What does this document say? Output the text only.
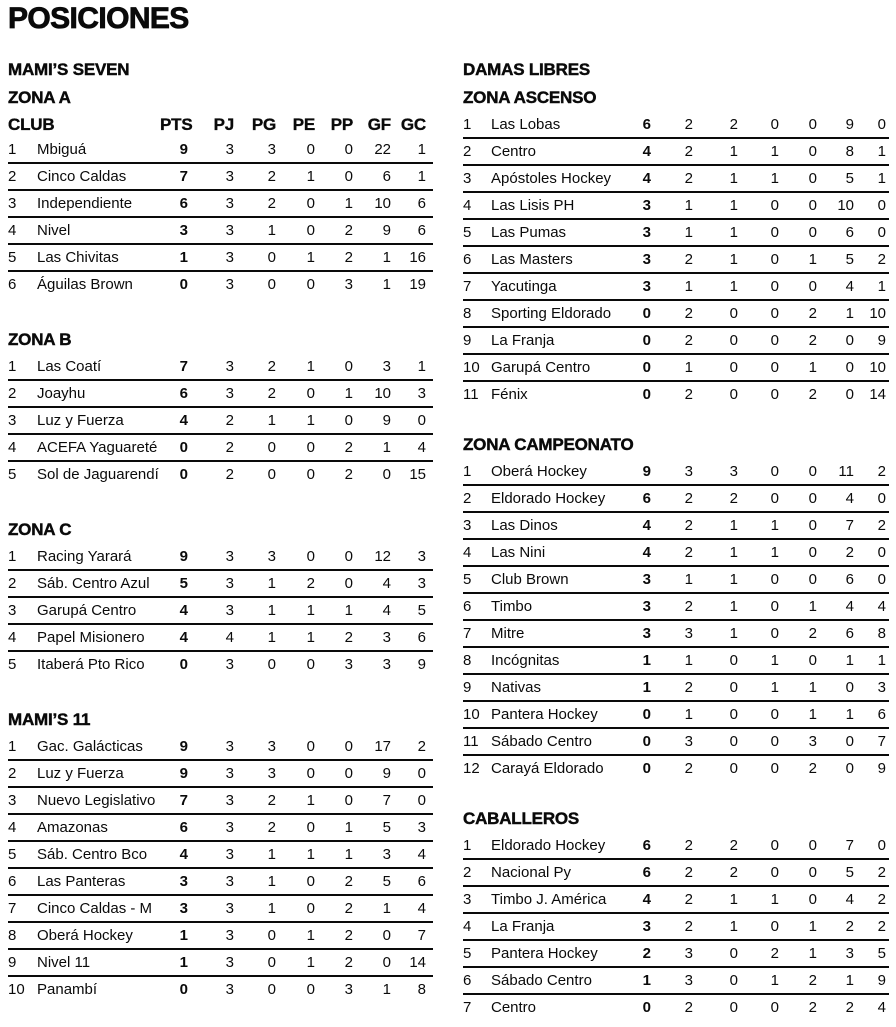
POSICIONES
MAMI’S SEVEN
ZONA A
CLUB	PTS	PJ	PG PE PP GF GC
1	Mbiguá	9	3	3	0	0	22	1
2	Cinco Caldas	7	3	2	1	0	6	1
3	Independiente	6	3	2	0	1	10	6
4	Nivel	3	3	1	0	2	9	6
5	Las Chivitas	1	3	0	1	2	1	16
6	Águilas Brown	0	3	0	0	3	1	19
ZONA B
1	Las Coatí	7	3	2	1	0	3	1
2	Joayhu	6	3	2	0	1	10	3
3	Luz y Fuerza	4	2	1	1	0	9	0
4	ACEFA Yaguareté	0	2	0	0	2	1	4
5	Sol de Jaguarendí	0	2	0	0	2	0	15
ZONA C
1	Racing Yarará	9	3	3	0	0	12	3
2	Sáb. Centro Azul	5	3	1	2	0	4	3
3	Garupá Centro	4	3	1	1	1	4	5
4	Papel Misionero	4	4	1	1	2	3	6
5	Itaberá Pto Rico	0	3	0	0	3	3	9
MAMI’S 11
1	Gac. Galácticas	9	3	3	0	0	17	2
2	Luz y Fuerza	9	3	3	0	0	9	0
3	Nuevo Legislativo	7	3	2	1	0	7	0
4	Amazonas	6	3	2	0	1	5	3
5	Sáb. Centro Bco	4	3	1	1	1	3	4
6	Las Panteras	3	3	1	0	2	5	6
7	Cinco Caldas - M	3	3	1	0	2	1	4
8	Oberá Hockey	1	3	0	1	2	0	7
9	Nivel 11	1	3	0	1	2	0	14
10 Panambí	0	3	0	0	3	1	8
DAMAS LIBRES
ZONA ASCENSO
1	Las Lobas	6	2	2	0	0	9	0
2	Centro	4	2	1	1	0	8	1
3	Apóstoles Hockey	4	2	1	1	0	5	1
4	Las Lisis PH	3	1	1	0	0	10	0
5	Las Pumas	3	1	1	0	0	6	0
6	Las Masters	3	2	1	0	1	5	2
7	Yacutinga	3	1	1	0	0	4	1
8	Sporting Eldorado	0	2	0	0	2	1	10
9	La Franja	0	2	0	0	2	0	9
10 Garupá Centro	0	1	0	0	1	0	10
11 Fénix	0	2	0	0	2	0	14
ZONA CAMPEONATO
1	Oberá Hockey	9	3	3	0	0	11	2
2	Eldorado Hockey	6	2	2	0	0	4	0
3	Las Dinos	4	2	1	1	0	7	2
4	Las Nini	4	2	1	1	0	2	0
5	Club Brown	3	1	1	0	0	6	0
6	Timbo	3	2	1	0	1	4	4
7	Mitre	3	3	1	0	2	6	8
8	Incógnitas	1	1	0	1	0	1	1
9	Nativas	1	2	0	1	1	0	3
10 Pantera Hockey	0	1	0	0	1	1	6
11 Sábado Centro	0	3	0	0	3	0	7
12 Carayá Eldorado	0	2	0	0	2	0	9
CABALLEROS
1	Eldorado Hockey	6	2	2	0	0	7	0
2	Nacional Py	6	2	2	0	0	5	2
3	Timbo J. América	4	2	1	1	0	4	2
4	La Franja	3	2	1	0	1	2	2
5	Pantera Hockey	2	3	0	2	1	3	5
6	Sábado Centro	1	3	0	1	2	1	9
7	Centro	0	2	0	0	2	2	4
